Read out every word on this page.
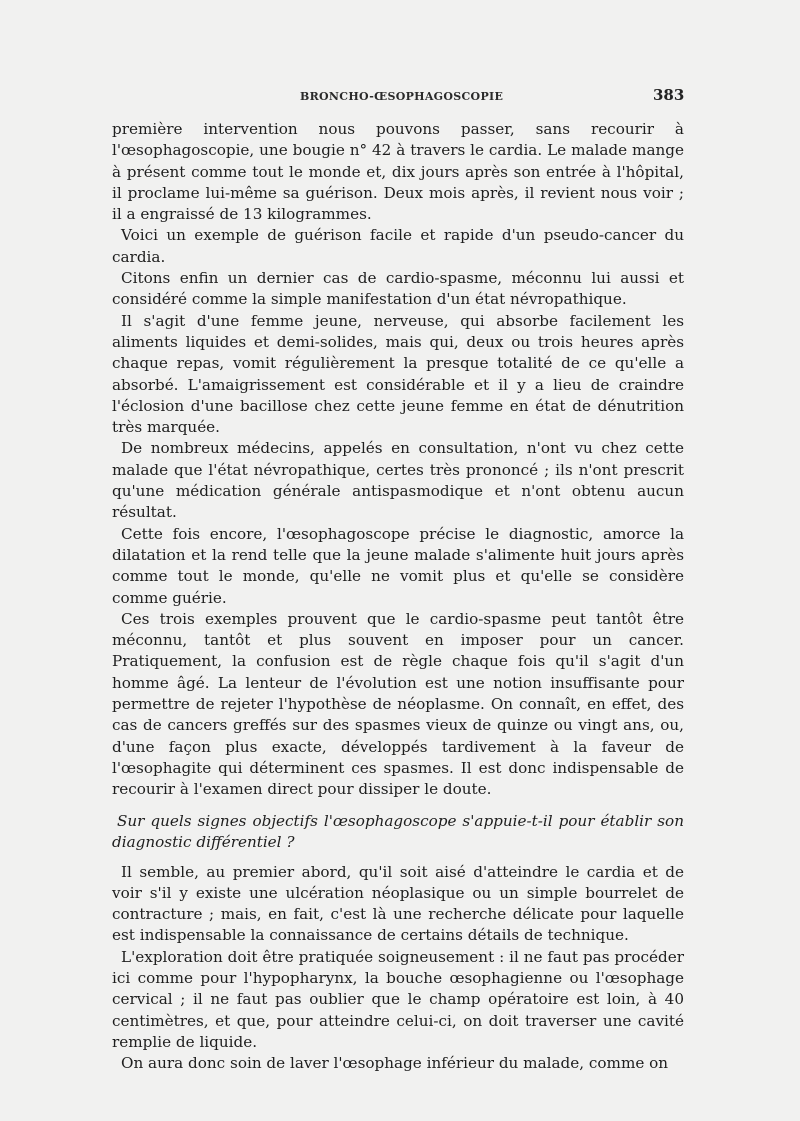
BRONCHO-ŒSOPHAGOSCOPIE	383

première intervention nous pouvons passer, sans recourir à l'œsophagoscopie, une bougie n° 42 à travers le cardia. Le malade mange à présent comme tout le monde et, dix jours après son entrée à l'hôpital, il proclame lui-même sa guérison. Deux mois après, il revient nous voir ; il a engraissé de 13 kilogrammes.

Voici un exemple de guérison facile et rapide d'un pseudo-cancer du cardia.

Citons enfin un dernier cas de cardio-spasme, méconnu lui aussi et considéré comme la simple manifestation d'un état névropathique.

Il s'agit d'une femme jeune, nerveuse, qui absorbe facilement les aliments liquides et demi-solides, mais qui, deux ou trois heures après chaque repas, vomit régulièrement la presque totalité de ce qu'elle a absorbé. L'amaigrissement est considérable et il y a lieu de craindre l'éclosion d'une bacillose chez cette jeune femme en état de dénutrition très marquée.

De nombreux médecins, appelés en consultation, n'ont vu chez cette malade que l'état névropathique, certes très prononcé ; ils n'ont prescrit qu'une médication générale antispasmodique et n'ont obtenu aucun résultat.

Cette fois encore, l'œsophagoscope précise le diagnostic, amorce la dilatation et la rend telle que la jeune malade s'alimente huit jours après comme tout le monde, qu'elle ne vomit plus et qu'elle se considère comme guérie.

Ces trois exemples prouvent que le cardio-spasme peut tantôt être méconnu, tantôt et plus souvent en imposer pour un cancer. Pratiquement, la confusion est de règle chaque fois qu'il s'agit d'un homme âgé. La lenteur de l'évolution est une notion insuffisante pour permettre de rejeter l'hypothèse de néoplasme. On connaît, en effet, des cas de cancers greffés sur des spasmes vieux de quinze ou vingt ans, ou, d'une façon plus exacte, développés tardivement à la faveur de l'œsophagite qui déterminent ces spasmes. Il est donc indispensable de recourir à l'examen direct pour dissiper le doute.

Sur quels signes objectifs l'œsophagoscope s'appuie-t-il pour établir son diagnostic différentiel ?

Il semble, au premier abord, qu'il soit aisé d'atteindre le cardia et de voir s'il y existe une ulcération néoplasique ou un simple bourrelet de contracture ; mais, en fait, c'est là une recherche délicate pour laquelle est indispensable la connaissance de certains détails de technique.

L'exploration doit être pratiquée soigneusement : il ne faut pas procéder ici comme pour l'hypopharynx, la bouche œsophagienne ou l'œsophage cervical ; il ne faut pas oublier que le champ opératoire est loin, à 40 centimètres, et que, pour atteindre celui-ci, on doit traverser une cavité remplie de liquide.

On aura donc soin de laver l'œsophage inférieur du malade, comme on
